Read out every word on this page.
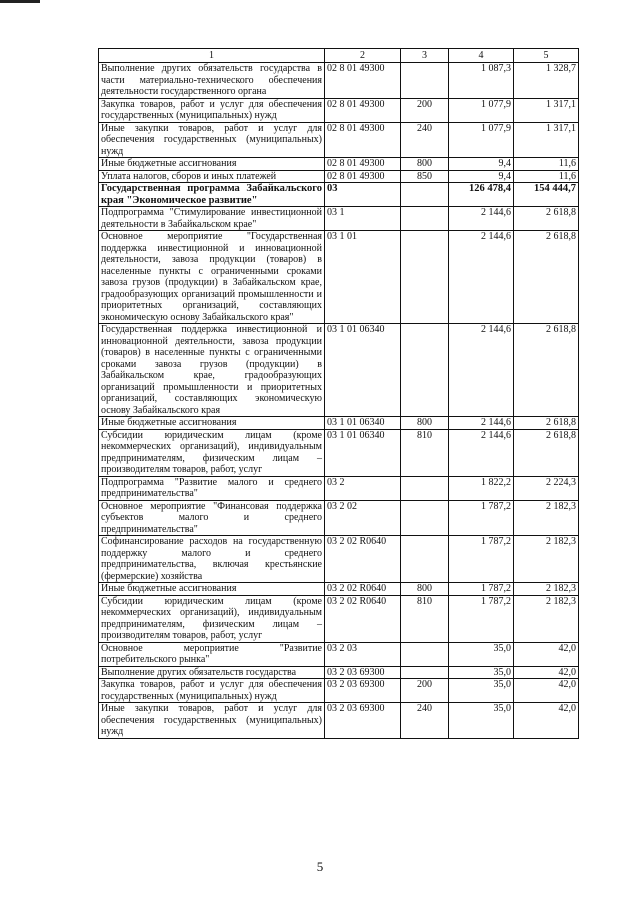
1	2	3	4	5
Выполнение других обязательств государства в части материально-технического обеспечения деятельности государственного органа	02 8 01 49300		1 087,3	1 328,7
Закупка товаров, работ и услуг для обеспечения государственных (муниципальных) нужд	02 8 01 49300	200	1 077,9	1 317,1
Иные закупки товаров, работ и услуг для обеспечения государственных (муниципальных) нужд	02 8 01 49300	240	1 077,9	1 317,1
Иные бюджетные ассигнования	02 8 01 49300	800	9,4	11,6
Уплата налогов, сборов и иных платежей	02 8 01 49300	850	9,4	11,6
Государственная программа Забайкальского края "Экономическое развитие"	03		126 478,4	154 444,7
Подпрограмма "Стимулирование инвестиционной деятельности в Забайкальском крае"	03 1		2 144,6	2 618,8
Основное мероприятие "Государственная поддержка инвестиционной и инновационной деятельности, завоза продукции (товаров) в населенные пункты с ограниченными сроками завоза грузов (продукции) в Забайкальском крае, градообразующих организаций промышленности и приоритетных организаций, составляющих экономическую основу Забайкальского края"	03 1 01		2 144,6	2 618,8
Государственная поддержка инвестиционной и инновационной деятельности, завоза продукции (товаров) в населенные пункты с ограниченными сроками завоза грузов (продукции) в Забайкальском крае, градообразующих организаций промышленности и приоритетных организаций, составляющих экономическую основу Забайкальского края	03 1 01 06340		2 144,6	2 618,8
Иные бюджетные ассигнования	03 1 01 06340	800	2 144,6	2 618,8
Субсидии юридическим лицам (кроме некоммерческих организаций), индивидуальным предпринимателям, физическим лицам – производителям товаров, работ, услуг	03 1 01 06340	810	2 144,6	2 618,8
Подпрограмма "Развитие малого и среднего предпринимательства"	03 2		1 822,2	2 224,3
Основное мероприятие "Финансовая поддержка субъектов малого и среднего предпринимательства"	03 2 02		1 787,2	2 182,3
Софинансирование расходов на государственную поддержку малого и среднего предпринимательства, включая крестьянские (фермерские) хозяйства	03 2 02 R0640		1 787,2	2 182,3
Иные бюджетные ассигнования	03 2 02 R0640	800	1 787,2	2 182,3
Субсидии юридическим лицам (кроме некоммерческих организаций), индивидуальным предпринимателям, физическим лицам – производителям товаров, работ, услуг	03 2 02 R0640	810	1 787,2	2 182,3
Основное мероприятие "Развитие потребительского рынка"	03 2 03		35,0	42,0
Выполнение других обязательств государства	03 2 03 69300		35,0	42,0
Закупка товаров, работ и услуг для обеспечения государственных (муниципальных) нужд	03 2 03 69300	200	35,0	42,0
Иные закупки товаров, работ и услуг для обеспечения государственных (муниципальных) нужд	03 2 03 69300	240	35,0	42,0
5
